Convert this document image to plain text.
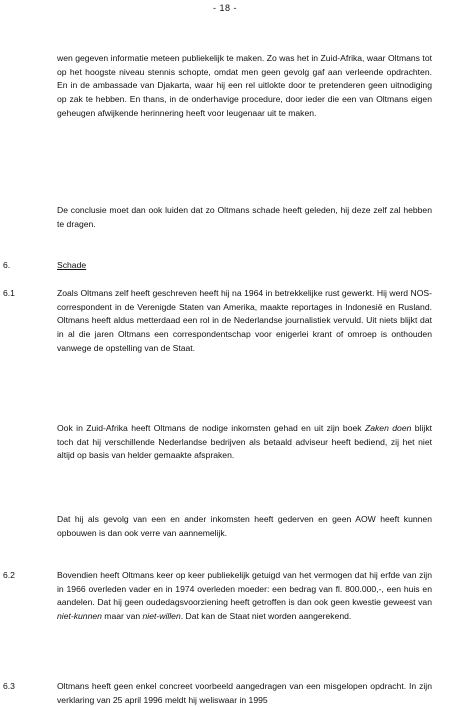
- 18 -

wen gegeven informatie meteen publiekelijk te maken. Zo was het in Zuid-Afrika, waar Oltmans tot op het hoogste niveau stennis schopte, omdat men geen gevolg gaf aan verleende opdrachten. En in de ambassade van Djakarta, waar hij een rel uitlokte door te pretenderen geen uitnodiging op zak te hebben. En thans, in de onderhavige procedure, door ieder die een van Oltmans eigen geheugen afwijkende herinnering heeft voor leugenaar uit te maken.

De conclusie moet dan ook luiden dat zo Oltmans schade heeft geleden, hij deze zelf zal hebben te dragen.

6.	Schade
6.1	Zoals Oltmans zelf heeft geschreven heeft hij na 1964 in betrekkelijke rust gewerkt. Hij werd NOS-correspondent in de Verenigde Staten van Amerika, maakte reportages in Indonesië en Rusland. Oltmans heeft aldus metterdaad een rol in de Nederlandse journalistiek vervuld. Uit niets blijkt dat in al die jaren Oltmans een correspondentschap voor enigerlei krant of omroep is onthouden vanwege de opstelling van de Staat.

Ook in Zuid-Afrika heeft Oltmans de nodige inkomsten gehad en uit zijn boek Zaken doen blijkt toch dat hij verschillende Nederlandse bedrijven als betaald adviseur heeft bediend, zij het niet altijd op basis van helder gemaakte afspraken.

Dat hij als gevolg van een en ander inkomsten heeft gederven en geen AOW heeft kunnen opbouwen is dan ook verre van aannemelijk.

6.2	Bovendien heeft Oltmans keer op keer publiekelijk getuigd van het vermogen dat hij erfde van zijn in 1966 overleden vader en in 1974 overleden moeder: een bedrag van fl. 800.000,-, een huis en aandelen. Dat hij geen oudedagsvoorziening heeft getroffen is dan ook geen kwestie geweest van niet-kunnen maar van niet-willen. Dat kan de Staat niet worden aangerekend.

6.3	Oltmans heeft geen enkel concreet voorbeeld aangedragen van een misgelopen opdracht. In zijn verklaring van 25 april 1996 meldt hij weliswaar in 1995
